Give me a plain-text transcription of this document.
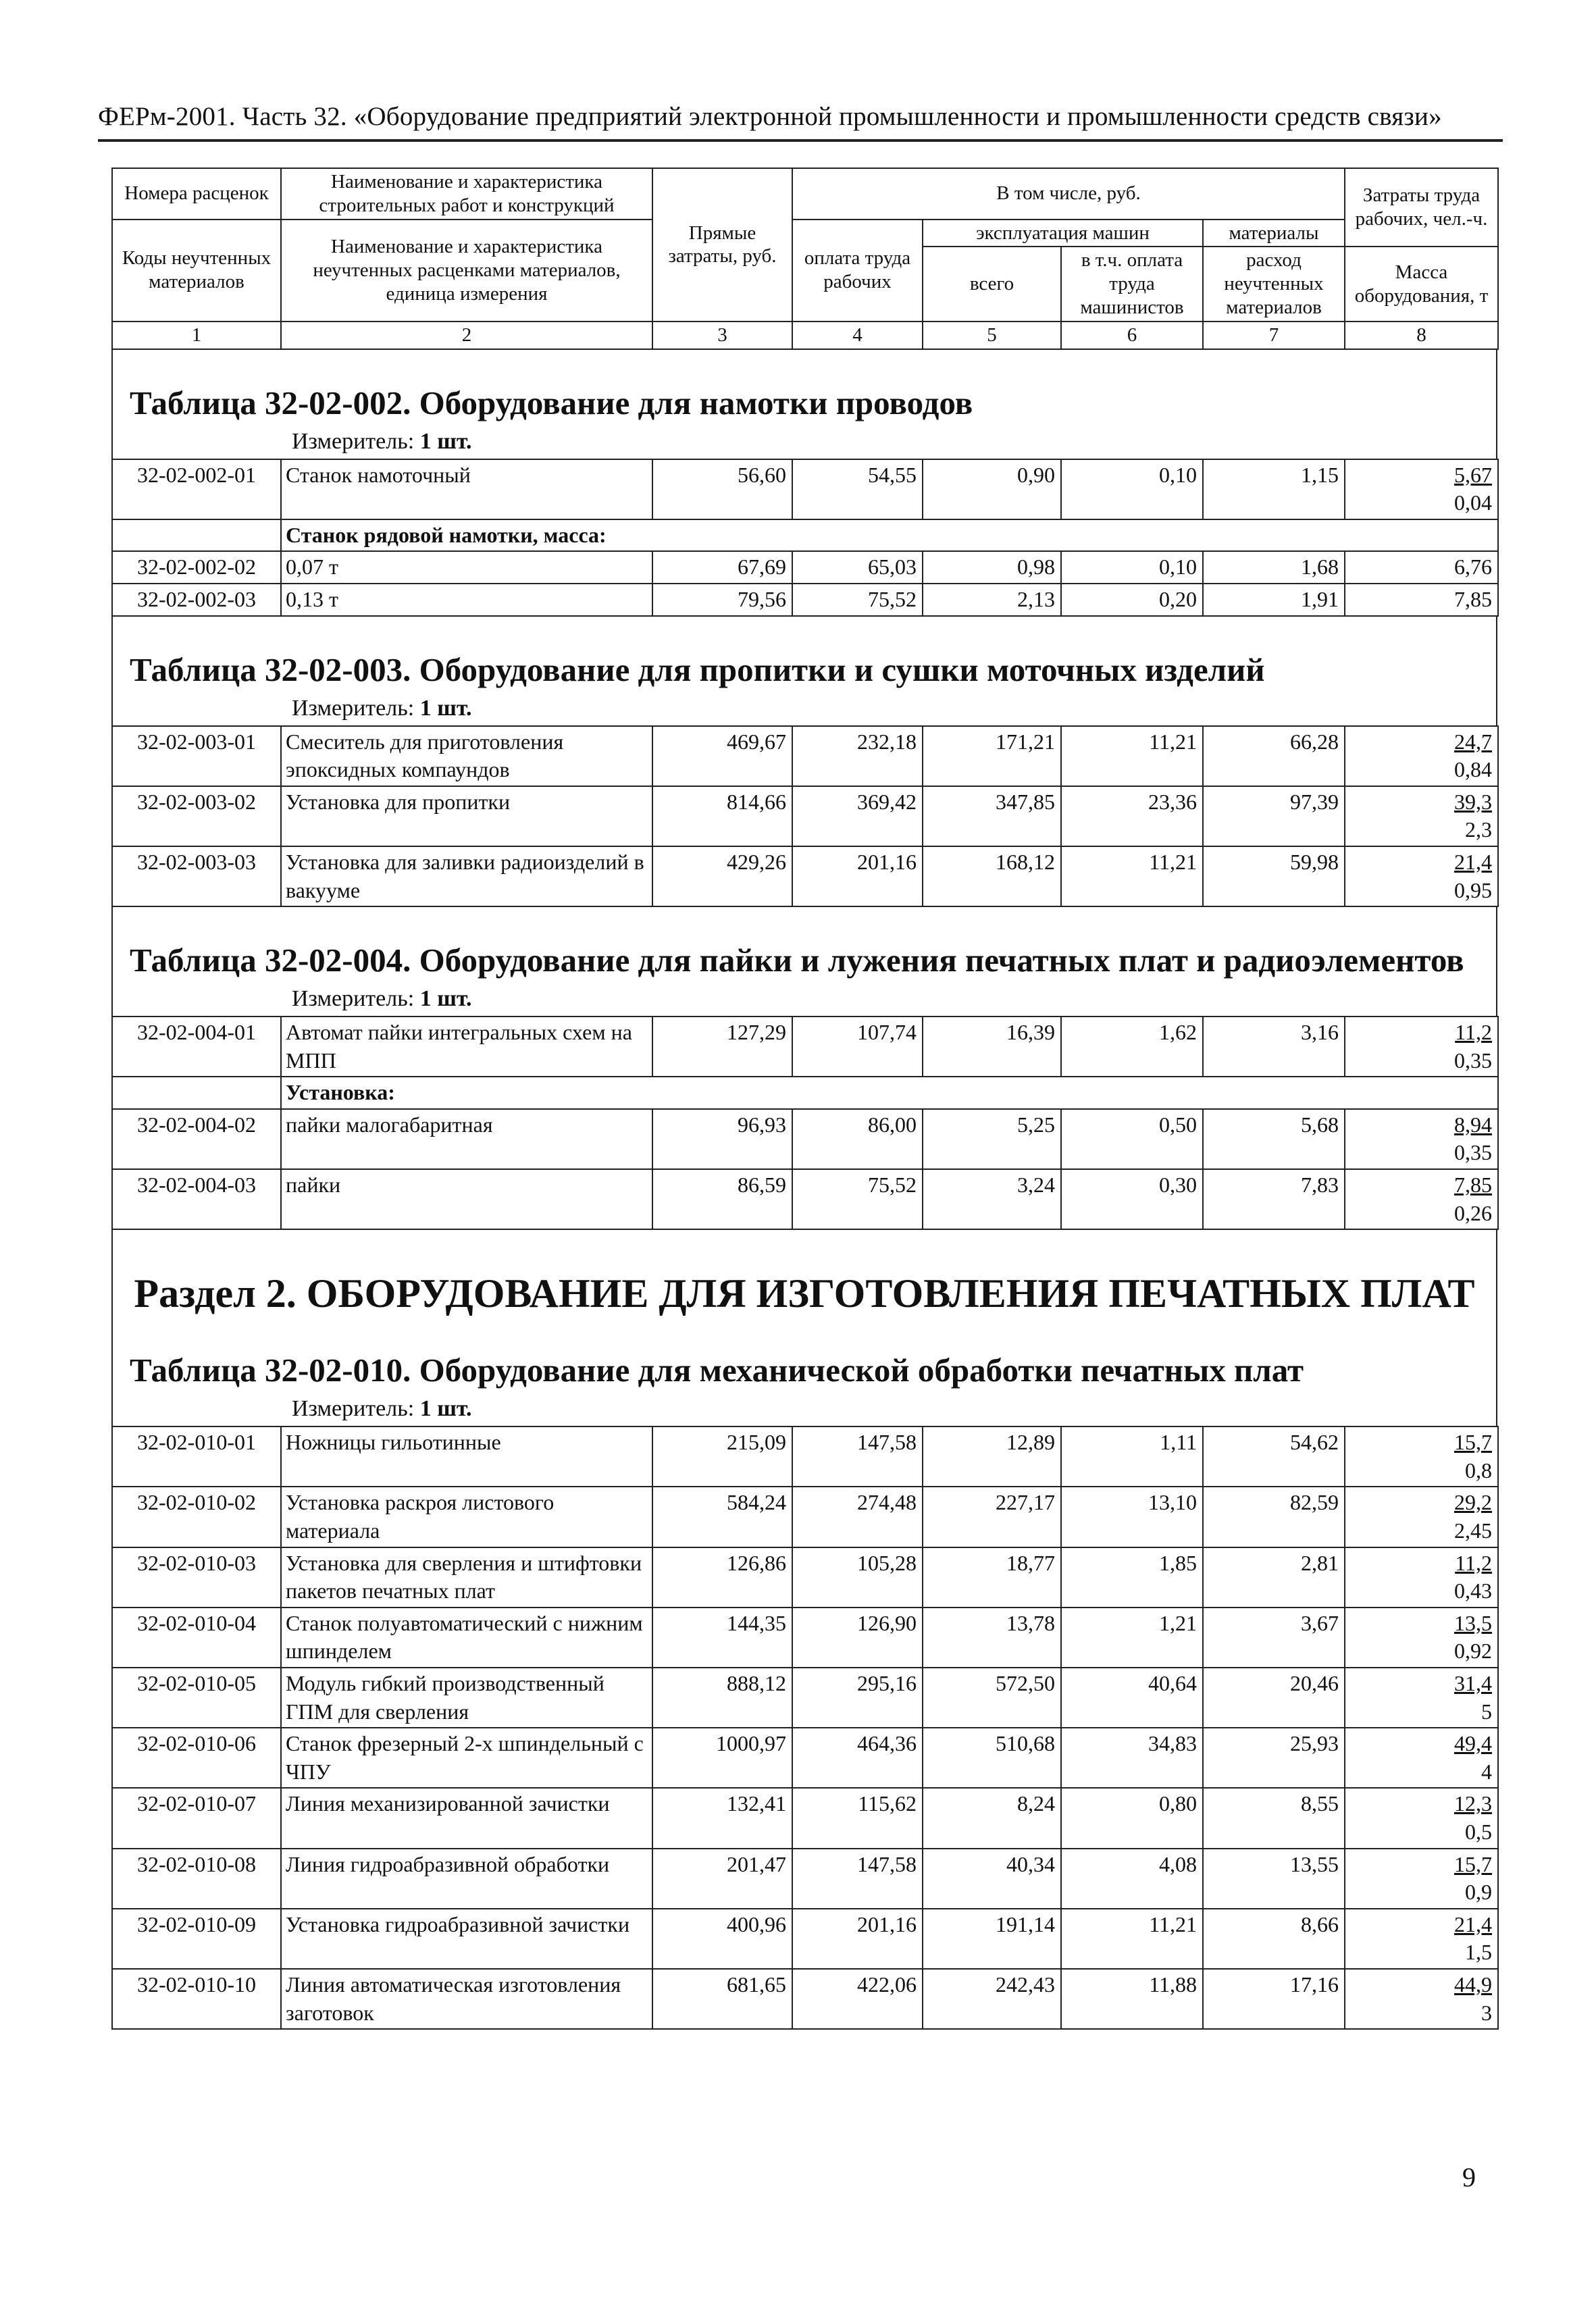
ФЕРм-2001. Часть 32. «Оборудование предприятий электронной промышленности и промышленности средств связи»
Номера расценок	Наименование и характеристика строительных работ и конструкций	Прямые затраты, руб.	В том числе, руб.				Затраты труда рабочих, чел.-ч.
Коды неучтенных материалов	Наименование и характеристика неучтенных расценками материалов, единица измерения		оплата труда рабочих	эксплуатация машин		материалы	
				всего	в т.ч. оплата труда машинистов	расход неучтенных материалов	Масса оборудования, т
1	2	3	4	5	6	7	8
Таблица 32-02-002. Оборудование для намотки проводов
Измеритель: 1 шт.
32-02-002-01	Станок намоточный	56,60	54,55	0,90	0,10	1,15	5,67
0,04

	Станок рядовой намотки, масса:						
32-02-002-02	0,07 т	67,69	65,03	0,98	0,10	1,68	6,76
32-02-002-03	0,13 т	79,56	75,52	2,13	0,20	1,91	7,85
Таблица 32-02-003. Оборудование для пропитки и сушки моточных изделий
Измеритель: 1 шт.
32-02-003-01	Смеситель для приготовления эпоксидных компаундов	469,67	232,18	171,21	11,21	66,28	24,7
0,84

32-02-003-02	Установка для пропитки	814,66	369,42	347,85	23,36	97,39	39,3
2,3

32-02-003-03	Установка для заливки радиоизделий в вакууме	429,26	201,16	168,12	11,21	59,98	21,4
0,95
Таблица 32-02-004. Оборудование для пайки и лужения печатных плат и радиоэлементов
Измеритель: 1 шт.
32-02-004-01	Автомат пайки интегральных схем на МПП	127,29	107,74	16,39	1,62	3,16	11,2
0,35

	Установка:						
32-02-004-02	пайки малогабаритная	96,93	86,00	5,25	0,50	5,68	8,94
0,35

32-02-004-03	пайки	86,59	75,52	3,24	0,30	7,83	7,85
0,26
Раздел 2. ОБОРУДОВАНИЕ ДЛЯ ИЗГОТОВЛЕНИЯ ПЕЧАТНЫХ ПЛАТ
Таблица 32-02-010. Оборудование для механической обработки печатных плат
Измеритель: 1 шт.
32-02-010-01	Ножницы гильотинные	215,09	147,58	12,89	1,11	54,62	15,7
0,8

32-02-010-02	Установка раскроя листового материала	584,24	274,48	227,17	13,10	82,59	29,2
2,45

32-02-010-03	Установка для сверления и штифтовки пакетов печатных плат	126,86	105,28	18,77	1,85	2,81	11,2
0,43

32-02-010-04	Станок полуавтоматический с нижним шпинделем	144,35	126,90	13,78	1,21	3,67	13,5
0,92

32-02-010-05	Модуль гибкий производственный ГПМ для сверления	888,12	295,16	572,50	40,64	20,46	31,4
5

32-02-010-06	Станок фрезерный 2-х шпиндельный с ЧПУ	1000,97	464,36	510,68	34,83	25,93	49,4
4

32-02-010-07	Линия механизированной зачистки	132,41	115,62	8,24	0,80	8,55	12,3
0,5

32-02-010-08	Линия гидроабразивной обработки	201,47	147,58	40,34	4,08	13,55	15,7
0,9

32-02-010-09	Установка гидроабразивной зачистки	400,96	201,16	191,14	11,21	8,66	21,4
1,5

32-02-010-10	Линия автоматическая изготовления заготовок	681,65	422,06	242,43	11,88	17,16	44,9
3
9
